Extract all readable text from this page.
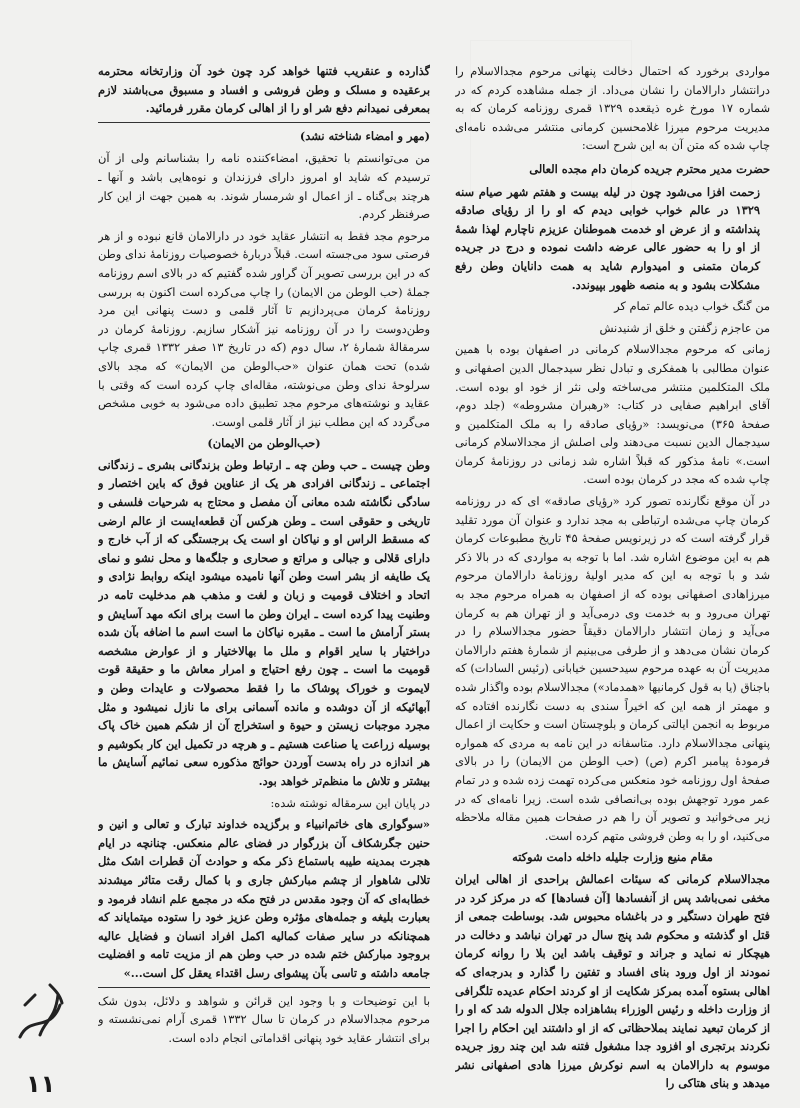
مواردی برخورد که احتمال دخالت پنهانی مرحوم مجدالاسلام را درانتشار دارالامان را نشان می‌داد. از جمله مشاهده کردم که در شماره ۱۷ مورخ غره ذیقعده ۱۳۲۹ قمری روزنامه کرمان که به مدیریت مرحوم میرزا غلامحسین کرمانی منتشر می‌شده نامه‌ای چاپ شده که متن آن به این شرح است:

حضرت مدیر محترم جریده کرمان دام مجده العالی

زحمت افزا می‌شود چون در لیله بیست و هفتم شهر صیام سنه ۱۳۲۹ در عالم خواب خوابی دیدم که او را از رؤیای صادقه پنداشته و از عرض او خدمت هموطنان عزیزم ناچارم لهذا شمهٔ از او را به حضور عالی عرضه داشت نموده و درج در جریده کرمان متمنی و امیدوارم شاید به همت دانایان وطن رفع مشکلات بشود و به منصه ظهور بپیوندد.

من گنگ خواب دیده عالم تمام کر

من عاجزم زگفتن و خلق از شنیدنش

زمانی که مرحوم مجدالاسلام کرمانی در اصفهان بوده با همین عنوان مطالبی با همفکری و تبادل نظر سیدجمال الدین اصفهانی و ملک المتکلمین منتشر می‌ساخته ولی نثر از خود او بوده است. آقای ابراهیم صفایی در کتاب: «رهبران مشروطه» (جلد دوم، صفحهٔ ۳۶۵) می‌نویسد: «رؤیای صادقه را به ملک المتکلمین و سیدجمال الدین نسبت می‌دهند ولی اصلش از مجدالاسلام کرمانی است.» نامهٔ مذکور که قبلاً اشاره شد زمانی در روزنامهٔ کرمان چاپ شده که مجد در کرمان بوده است.

در آن موقع نگارنده تصور کرد «رؤیای صادقه» ای که در روزنامه کرمان چاپ می‌شده ارتباطی به مجد ندارد و عنوان آن مورد تقلید قرار گرفته است که در زیرنویس صفحهٔ ۴۵ تاریخ مطبوعات کرمان هم به این موضوع اشاره شد. اما با توجه به مواردی که در بالا ذکر شد و با توجه به این که مدیر اولیهٔ روزنامهٔ دارالامان مرحوم میرزاهادی اصفهانی بوده که از اصفهان به همراه مرحوم مجد به تهران می‌رود و به خدمت وی درمی‌آید و از تهران هم به کرمان می‌آید و زمان انتشار دارالامان دقیقاً حضور مجدالاسلام را در کرمان نشان می‌دهد و از طرفی می‌بینیم از شمارهٔ هفتم دارالامان مدیریت آن به عهده مرحوم سیدحسین خیابانی (رئیس السادات) که باجناق (یا به قول کرمانیها «همدماد») مجدالاسلام بوده واگذار شده و مهمتر از همه این که اخیراً سندی به دست نگارنده افتاده که مربوط به انجمن ایالتی کرمان و بلوچستان است و حکایت از اعمال پنهانی مجدالاسلام دارد. متاسفانه در این نامه به مردی که همواره فرمودهٔ پیامبر اکرم (ص) (حب الوطن من الایمان) را در بالای صفحهٔ اول روزنامه خود منعکس می‌کرده تهمت زده شده و در تمام عمر مورد توجهش بوده بی‌انصافی شده است. زیرا نامه‌ای که در زیر می‌خوانید و تصویر آن را هم در صفحات همین مقاله ملاحظه می‌کنید، او را به وطن فروشی متهم کرده است.

مقام منیع وزارت جلیله داخله دامت شوکته

مجدالاسلام کرمانی که سیئات اعمالش براحدی از اهالی ایران مخفی نمی‌باشد پس از آنفسادها [آن فسادها] که در مرکز کرد در فتح طهران دستگیر و در باغشاه محبوس شد. بوساطت جمعی از قتل او گذشته و محکوم شد پنج سال در تهران نباشد و دخالت در هیچکار نه نماید و جراند و توقیف باشد این بلا را روانه کرمان نمودند از اول ورود بنای افساد و تفتین را گذارد و بدرجه‌ای که اهالی بستوه آمده بمرکز شکایت از او کردند احکام عدیده تلگرافی از وزارت داخله و رئیس الوزراء بشاهزاده جلال الدوله شد که او را از کرمان تبعید نمایند بملاحظاتی که از او داشتند این احکام را اجرا نکردند برتجری او افزود جدا مشغول فتنه شد این چند روز جریده موسوم به دارالامان به اسم نوکرش میرزا هادی اصفهانی نشر میدهد و بنای هتاکی را

گذارده و عنقریب فتنها خواهد کرد چون خود آن وزارتخانه محترمه برعقیده و مسلک و وطن فروشی و افساد و مسبوق می‌باشند لازم بمعرفی نمیدانم دفع شر او را از اهالی کرمان مقرر فرمائید.

(مهر و امضاء شناخته نشد)

من می‌توانستم با تحقیق، امضاءکننده نامه را بشناسانم ولی از آن ترسیدم که شاید او امروز دارای فرزندان و نوه‌هایی باشد و آنها ـ هرچند بی‌گناه ـ از اعمال او شرمسار شوند. به همین جهت از این کار صرفنظر کردم.

مرحوم مجد فقط به انتشار عقاید خود در دارالامان قانع نبوده و از هر فرصتی سود می‌جسته است. قبلاً دربارهٔ خصوصیات روزنامهٔ ندای وطن که در این بررسی تصویر آن گراور شده گفتیم که در بالای اسم روزنامه جملهٔ (حب الوطن من الایمان) را چاپ می‌کرده است اکنون به بررسی روزنامهٔ کرمان می‌پردازیم تا آثار قلمی و دست پنهانی این مرد وطن‌دوست را در آن روزنامه نیز آشکار سازیم. روزنامهٔ کرمان در سرمقالهٔ شمارهٔ ۲، سال دوم (که در تاریخ ۱۳ صفر ۱۳۳۲ قمری چاپ شده) تحت همان عنوان «حب‌الوطن من الایمان» که مجد بالای سرلوحهٔ ندای وطن می‌نوشته، مقاله‌ای چاپ کرده است که وقتی با عقاید و نوشته‌های مرحوم مجد تطبیق داده می‌شود به خوبی مشخص می‌گردد که این مطلب نیز از آثار قلمی اوست.

(حب‌الوطن من الایمان)

وطن چیست ـ حب وطن چه ـ ارتباط وطن بزندگانی بشری ـ زندگانی اجتماعی ـ زندگانی افرادی هر یک از عناوین فوق که باین اختصار و سادگی نگاشته شده معانی آن مفصل و محتاج به شرحیات فلسفی و تاریخی و حقوقی است ـ وطن هرکس آن قطعه‌ایست از عالم ارضی که مسقط الراس او و نیاکان او است یک برجستگی که از آب خارج و دارای قلالی و جبالی و مراتع و صحاری و جلگه‌ها و محل نشو و نمای یک طایفه از بشر است وطن آنها نامیده میشود اینکه روابط نژادی و اتحاد و اختلاف قومیت و زبان و لغت و مذهب هم مدخلیت تامه در وطنیت پیدا کرده است ـ ایران وطن ما است برای انکه مهد آسایش و بستر آرامش ما است ـ مقبره نیاکان ما است اسم ما اضافه بآن شده دراختیار با سایر اقوام و ملل ما بهالاختیار و از عوارض مشخصه قومیت ما است ـ چون رفع احتیاج و امرار معاش ما و حقیقة قوت لایموت و خوراک پوشاک ما را فقط محصولات و عایدات وطن و آبهائیکه از آن دوشده و مانده آسمانی برای ما نازل نمیشود و مثل مجرد موجبات زیستن و حیوة و استخراج آن از شکم همین خاک پاک بوسیله زراعت یا صناعت هستیم ـ و هرچه در تکمیل این کار بکوشیم و هر اندازه در راه بدست آوردن حوائج مذکوره سعی نمائیم آسایش ما بیشتر و تلاش ما منظم‌تر خواهد بود.

در پایان این سرمقاله نوشته شده:

«سوگواری های خاتم‌انبیاء و برگزیده خداوند تبارک و تعالی و انین و حنین جگرشکاف آن بزرگوار در فضای عالم منعکس. چنانچه در ایام هجرت بمدینه طیبه باستماع ذکر مکه و حوادث آن قطرات اشک مثل تلالی شاهوار از چشم مبارکش جاری و با کمال رقت متاثر میشدند خطابه‌ای که آن وجود مقدس در فتح مکه در مجمع علم انشاد فرمود و بعبارت بلیغه و جمله‌های مؤثره وطن عزیز خود را ستوده میتمایاند که همچنانکه در سایر صفات کمالیه اکمل افراد انسان و فضایل عالیه بروجود مبارکش ختم شده در حب وطن هم از مزیت تامه و افضلیت جامعه داشته و تاسی بآن پیشوای رسل اقتداء یعقل کل است...»

با این توضیحات و با وجود این قرائن و شواهد و دلائل، بدون شک مرحوم مجدالاسلام در کرمان تا سال ۱۳۳۲ قمری آرام نمی‌نشسته و برای انتشار عقاید خود پنهانی اقداماتی انجام داده است.

۱۱
